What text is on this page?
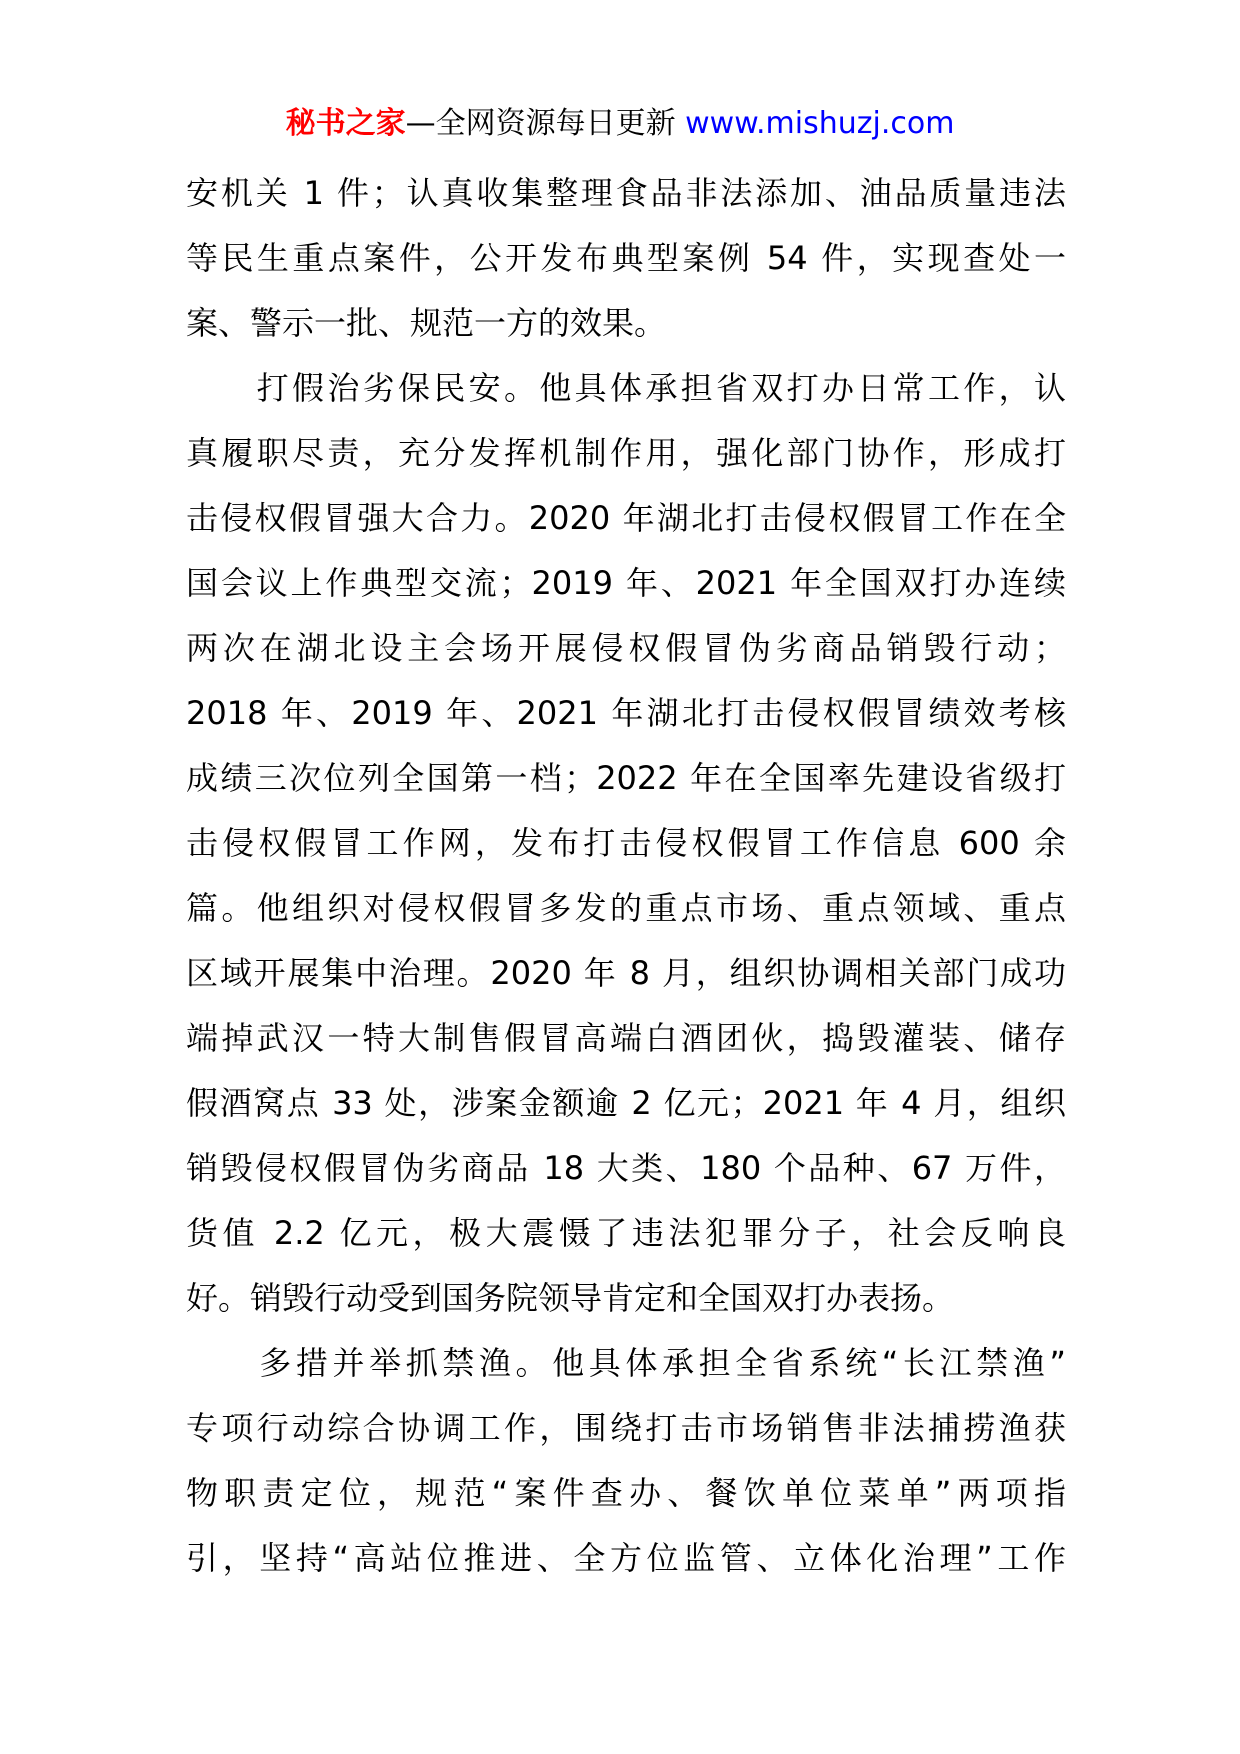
秘书之家—全网资源每日更新 www.mishuzj.com
安机关 1 件；认真收集整理食品非法添加、油品质量违法
等民生重点案件，公开发布典型案例 54 件，实现查处一
案、警示一批、规范一方的效果。
　　打假治劣保民安。他具体承担省双打办日常工作，认
真履职尽责，充分发挥机制作用，强化部门协作，形成打
击侵权假冒强大合力。2020 年湖北打击侵权假冒工作在全
国会议上作典型交流；2019 年、2021 年全国双打办连续
两次在湖北设主会场开展侵权假冒伪劣商品销毁行动；
2018 年、2019 年、2021 年湖北打击侵权假冒绩效考核
成绩三次位列全国第一档；2022 年在全国率先建设省级打
击侵权假冒工作网，发布打击侵权假冒工作信息 600 余
篇。他组织对侵权假冒多发的重点市场、重点领域、重点
区域开展集中治理。2020 年 8 月，组织协调相关部门成功
端掉武汉一特大制售假冒高端白酒团伙，捣毁灌装、储存
假酒窝点 33 处，涉案金额逾 2 亿元；2021 年 4 月，组织
销毁侵权假冒伪劣商品 18 大类、180 个品种、67 万件，
货值 2.2 亿元，极大震慑了违法犯罪分子，社会反响良
好。销毁行动受到国务院领导肯定和全国双打办表扬。
　　多措并举抓禁渔。他具体承担全省系统“长江禁渔”
专项行动综合协调工作，围绕打击市场销售非法捕捞渔获
物职责定位，规范“案件查办、餐饮单位菜单”两项指
引，坚持“高站位推进、全方位监管、立体化治理”工作
